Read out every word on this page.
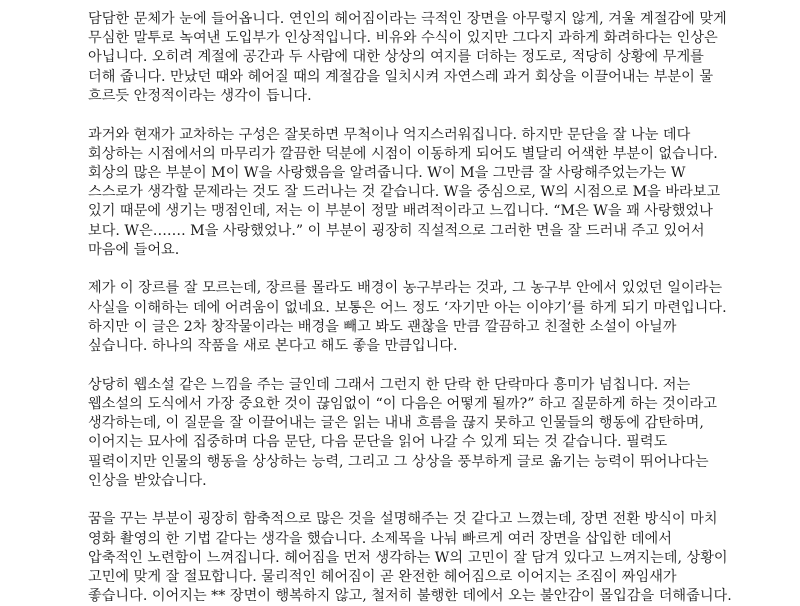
담담한 문체가 눈에 들어옵니다. 연인의 헤어짐이라는 극적인 장면을 아무렇지 않게, 겨울 계절감에 맞게
무심한 말투로 녹여낸 도입부가 인상적입니다. 비유와 수식이 있지만 그다지 과하게 화려하다는 인상은
아닙니다. 오히려 계절에 공간과 두 사람에 대한 상상의 여지를 더하는 정도로, 적당히 상황에 무게를
더해 줍니다. 만났던 때와 헤어질 때의 계절감을 일치시켜 자연스레 과거 회상을 이끌어내는 부분이 물
흐르듯 안정적이라는 생각이 듭니다.

과거와 현재가 교차하는 구성은 잘못하면 무척이나 억지스러워집니다. 하지만 문단을 잘 나눈 데다
회상하는 시점에서의 마무리가 깔끔한 덕분에 시점이 이동하게 되어도 별달리 어색한 부분이 없습니다.
회상의 많은 부분이 M이 W을 사랑했음을 알려줍니다. W이 M을 그만큼 잘 사랑해주었는가는 W
스스로가 생각할 문제라는 것도 잘 드러나는 것 같습니다. W을 중심으로, W의 시점으로 M을 바라보고
있기 때문에 생기는 맹점인데, 저는 이 부분이 정말 배려적이라고 느낍니다. “M은 W을 꽤 사랑했었나
보다. W은……. M을 사랑했었나.” 이 부분이 굉장히 직설적으로 그러한 면을 잘 드러내 주고 있어서
마음에 들어요.

제가 이 장르를 잘 모르는데, 장르를 몰라도 배경이 농구부라는 것과, 그 농구부 안에서 있었던 일이라는
사실을 이해하는 데에 어려움이 없네요. 보통은 어느 정도 ‘자기만 아는 이야기’를 하게 되기 마련입니다.
하지만 이 글은 2차 창작물이라는 배경을 빼고 봐도 괜찮을 만큼 깔끔하고 친절한 소설이 아닐까
싶습니다. 하나의 작품을 새로 본다고 해도 좋을 만큼입니다.

상당히 웹소설 같은 느낌을 주는 글인데 그래서 그런지 한 단락 한 단락마다 흥미가 넘칩니다. 저는
웹소설의 도식에서 가장 중요한 것이 끊임없이 “이 다음은 어떻게 될까?” 하고 질문하게 하는 것이라고
생각하는데, 이 질문을 잘 이끌어내는 글은 읽는 내내 흐름을 끊지 못하고 인물들의 행동에 감탄하며,
이어지는 묘사에 집중하며 다음 문단, 다음 문단을 읽어 나갈 수 있게 되는 것 같습니다. 필력도
필력이지만 인물의 행동을 상상하는 능력, 그리고 그 상상을 풍부하게 글로 옮기는 능력이 뛰어나다는
인상을 받았습니다.

꿈을 꾸는 부분이 굉장히 함축적으로 많은 것을 설명해주는 것 같다고 느꼈는데, 장면 전환 방식이 마치
영화 촬영의 한 기법 같다는 생각을 했습니다. 소제목을 나눠 빠르게 여러 장면을 삽입한 데에서
압축적인 노련함이 느껴집니다. 헤어짐을 먼저 생각하는 W의 고민이 잘 담겨 있다고 느껴지는데, 상황이
고민에 맞게 잘 절묘합니다. 물리적인 헤어짐이 곧 완전한 헤어짐으로 이어지는 조짐이 짜임새가
좋습니다. 이어지는 ** 장면이 행복하지 않고, 철저히 불행한 데에서 오는 불안감이 몰입감을 더해줍니다.
